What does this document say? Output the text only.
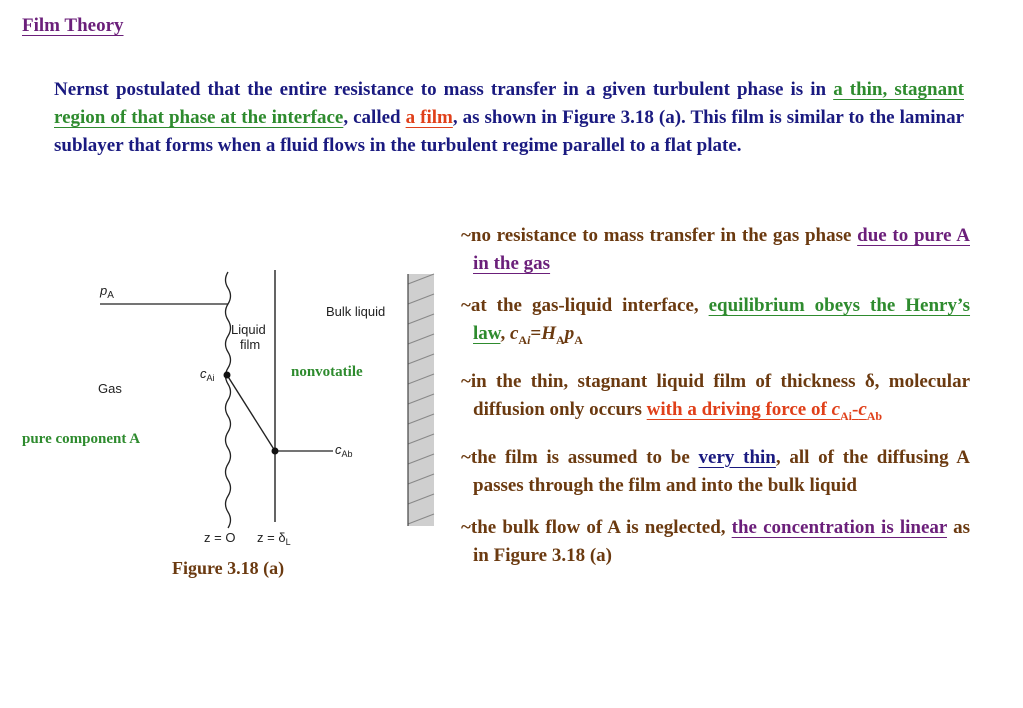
Film Theory
Nernst postulated that the entire resistance to mass transfer in a given turbulent phase is in a thin, stagnant region of that phase at the interface, called a film, as shown in Figure 3.18 (a). This film is similar to the laminar sublayer that forms when a fluid flows in the turbulent regime parallel to a flat plate.
$p_A$
Gas
Liquid
film
Bulk liquid
$c_{Ai}$
$c_{Ab}$
z = O $z = \delta_L$
nonvotatile
pure component A
Figure 3.18 (a)
~no resistance to mass transfer in the gas phase due to pure A in the gas
~at the gas-liquid interface, equilibrium obeys the Henry’s law, $c_{Ai}=H_Ap_A$
~in the thin, stagnant liquid film of thickness δ, molecular diffusion only occurs with a driving force of $c_{Ai}-c_{Ab}$
~the film is assumed to be very thin, all of the diffusing A passes through the film and into the bulk liquid
~the bulk flow of A is neglected, the concentration is linear as in Figure 3.18 (a)
